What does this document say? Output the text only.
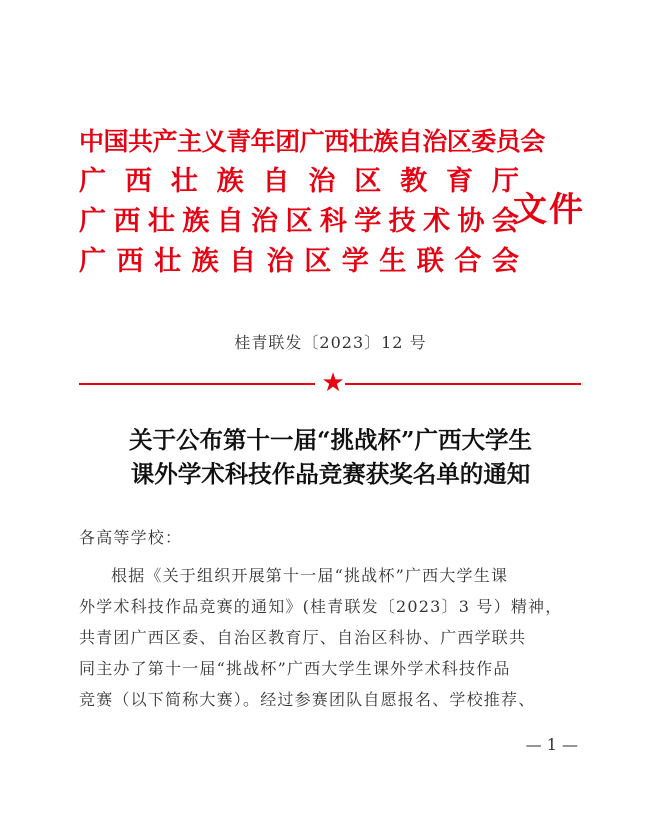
中 国 共 产 主 义 青 年 团 广 西 壮 族 自 治 区 委 员 会
广 西 壮 族 自 治 区 教 育 厅
广 西 壮 族 自 治 区 科 学 技 术 协 会
广 西 壮 族 自 治 区 学 生 联 合 会
文件
桂青联发〔2023〕12 号
★
关于公布第十一届“挑战杯”广西大学生
课外学术科技作品竞赛获奖名单的通知
各高等学校：
根据《关于组织开展第十一届“挑战杯”广西大学生课
外学术科技作品竞赛的通知》(桂青联发〔2023〕3 号）精神，
共青团广西区委、自治区教育厅、自治区科协、广西学联共
同主办了第十一届“挑战杯”广西大学生课外学术科技作品
竞赛（以下简称大赛）。经过参赛团队自愿报名、学校推荐、
— 1 —
